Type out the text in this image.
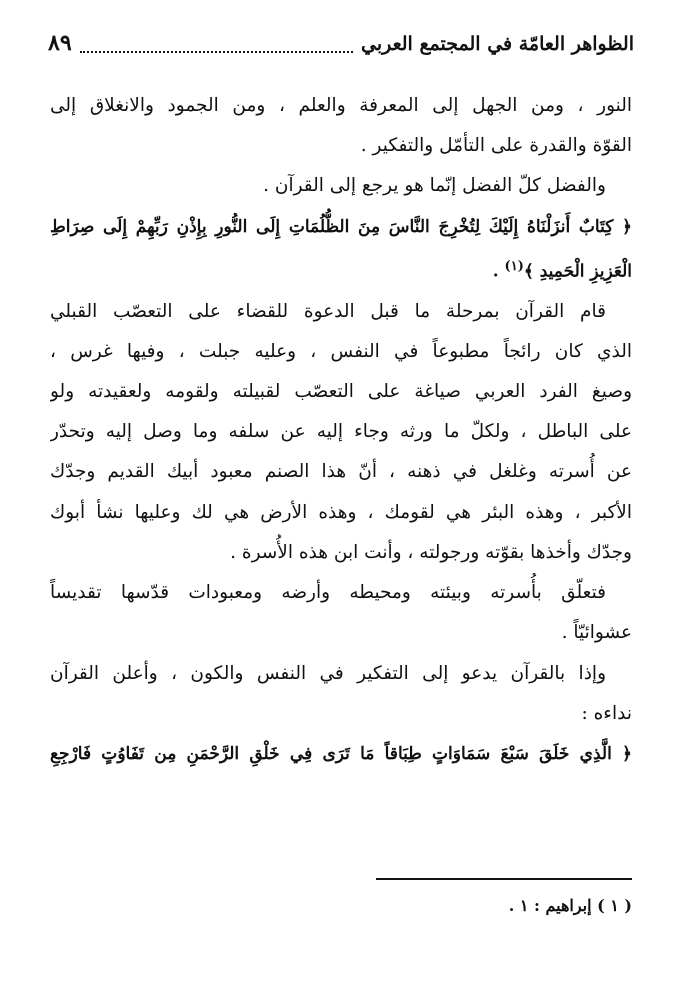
الظواهر العامّة في المجتمع العربي
٨٩
النور ، ومن الجهل إلى المعرفة والعلم ، ومن الجمود والانغلاق إلى
القوّة والقدرة على التأمّل والتفكير .
والفضل كلّ الفضل إنّما هو يرجع إلى القرآن .
﴿ كِتَابٌ أَنزَلْنَاهُ إِلَيْكَ لِتُخْرِجَ النَّاسَ مِنَ الظُّلُمَاتِ إِلَى النُّورِ بِإِذْنِ رَبِّهِمْ إِلَى صِرَاطِ
الْعَزِيزِ الْحَمِيدِ ﴾$^{(١)}$ .
قام القرآن بمرحلة ما قبل الدعوة للقضاء على التعصّب القبلي
الذي كان رائجاً مطبوعاً في النفس ، وعليه جبلت ، وفيها غرس ،
وصيغ الفرد العربي صياغة على التعصّب لقبيلته ولقومه ولعقيدته ولو
على الباطل ، ولكلّ ما ورثه وجاء إليه عن سلفه وما وصل إليه وتحدّر
عن أُسرته وغلغل في ذهنه ، أنّ هذا الصنم معبود أبيك القديم وجدّك
الأكبر ، وهذه البئر هي لقومك ، وهذه الأرض هي لك وعليها نشأ أبوك
وجدّك وأخذها بقوّته ورجولته ، وأنت ابن هذه الأُسرة .
فتعلّق بأُسرته وبيئته ومحيطه وأرضه ومعبودات قدّسها تقديساً
عشوائيّاً .
وإذا بالقرآن يدعو إلى التفكير في النفس والكون ، وأعلن القرآن
نداءه :
﴿ الَّذِي خَلَقَ سَبْعَ سَمَاوَاتٍ طِبَاقاً مَا تَرَى فِي خَلْقِ الرَّحْمَنِ مِن تَفَاوُتٍ فَارْجِعِ
( ١ ) إبراهيم : ١ .
